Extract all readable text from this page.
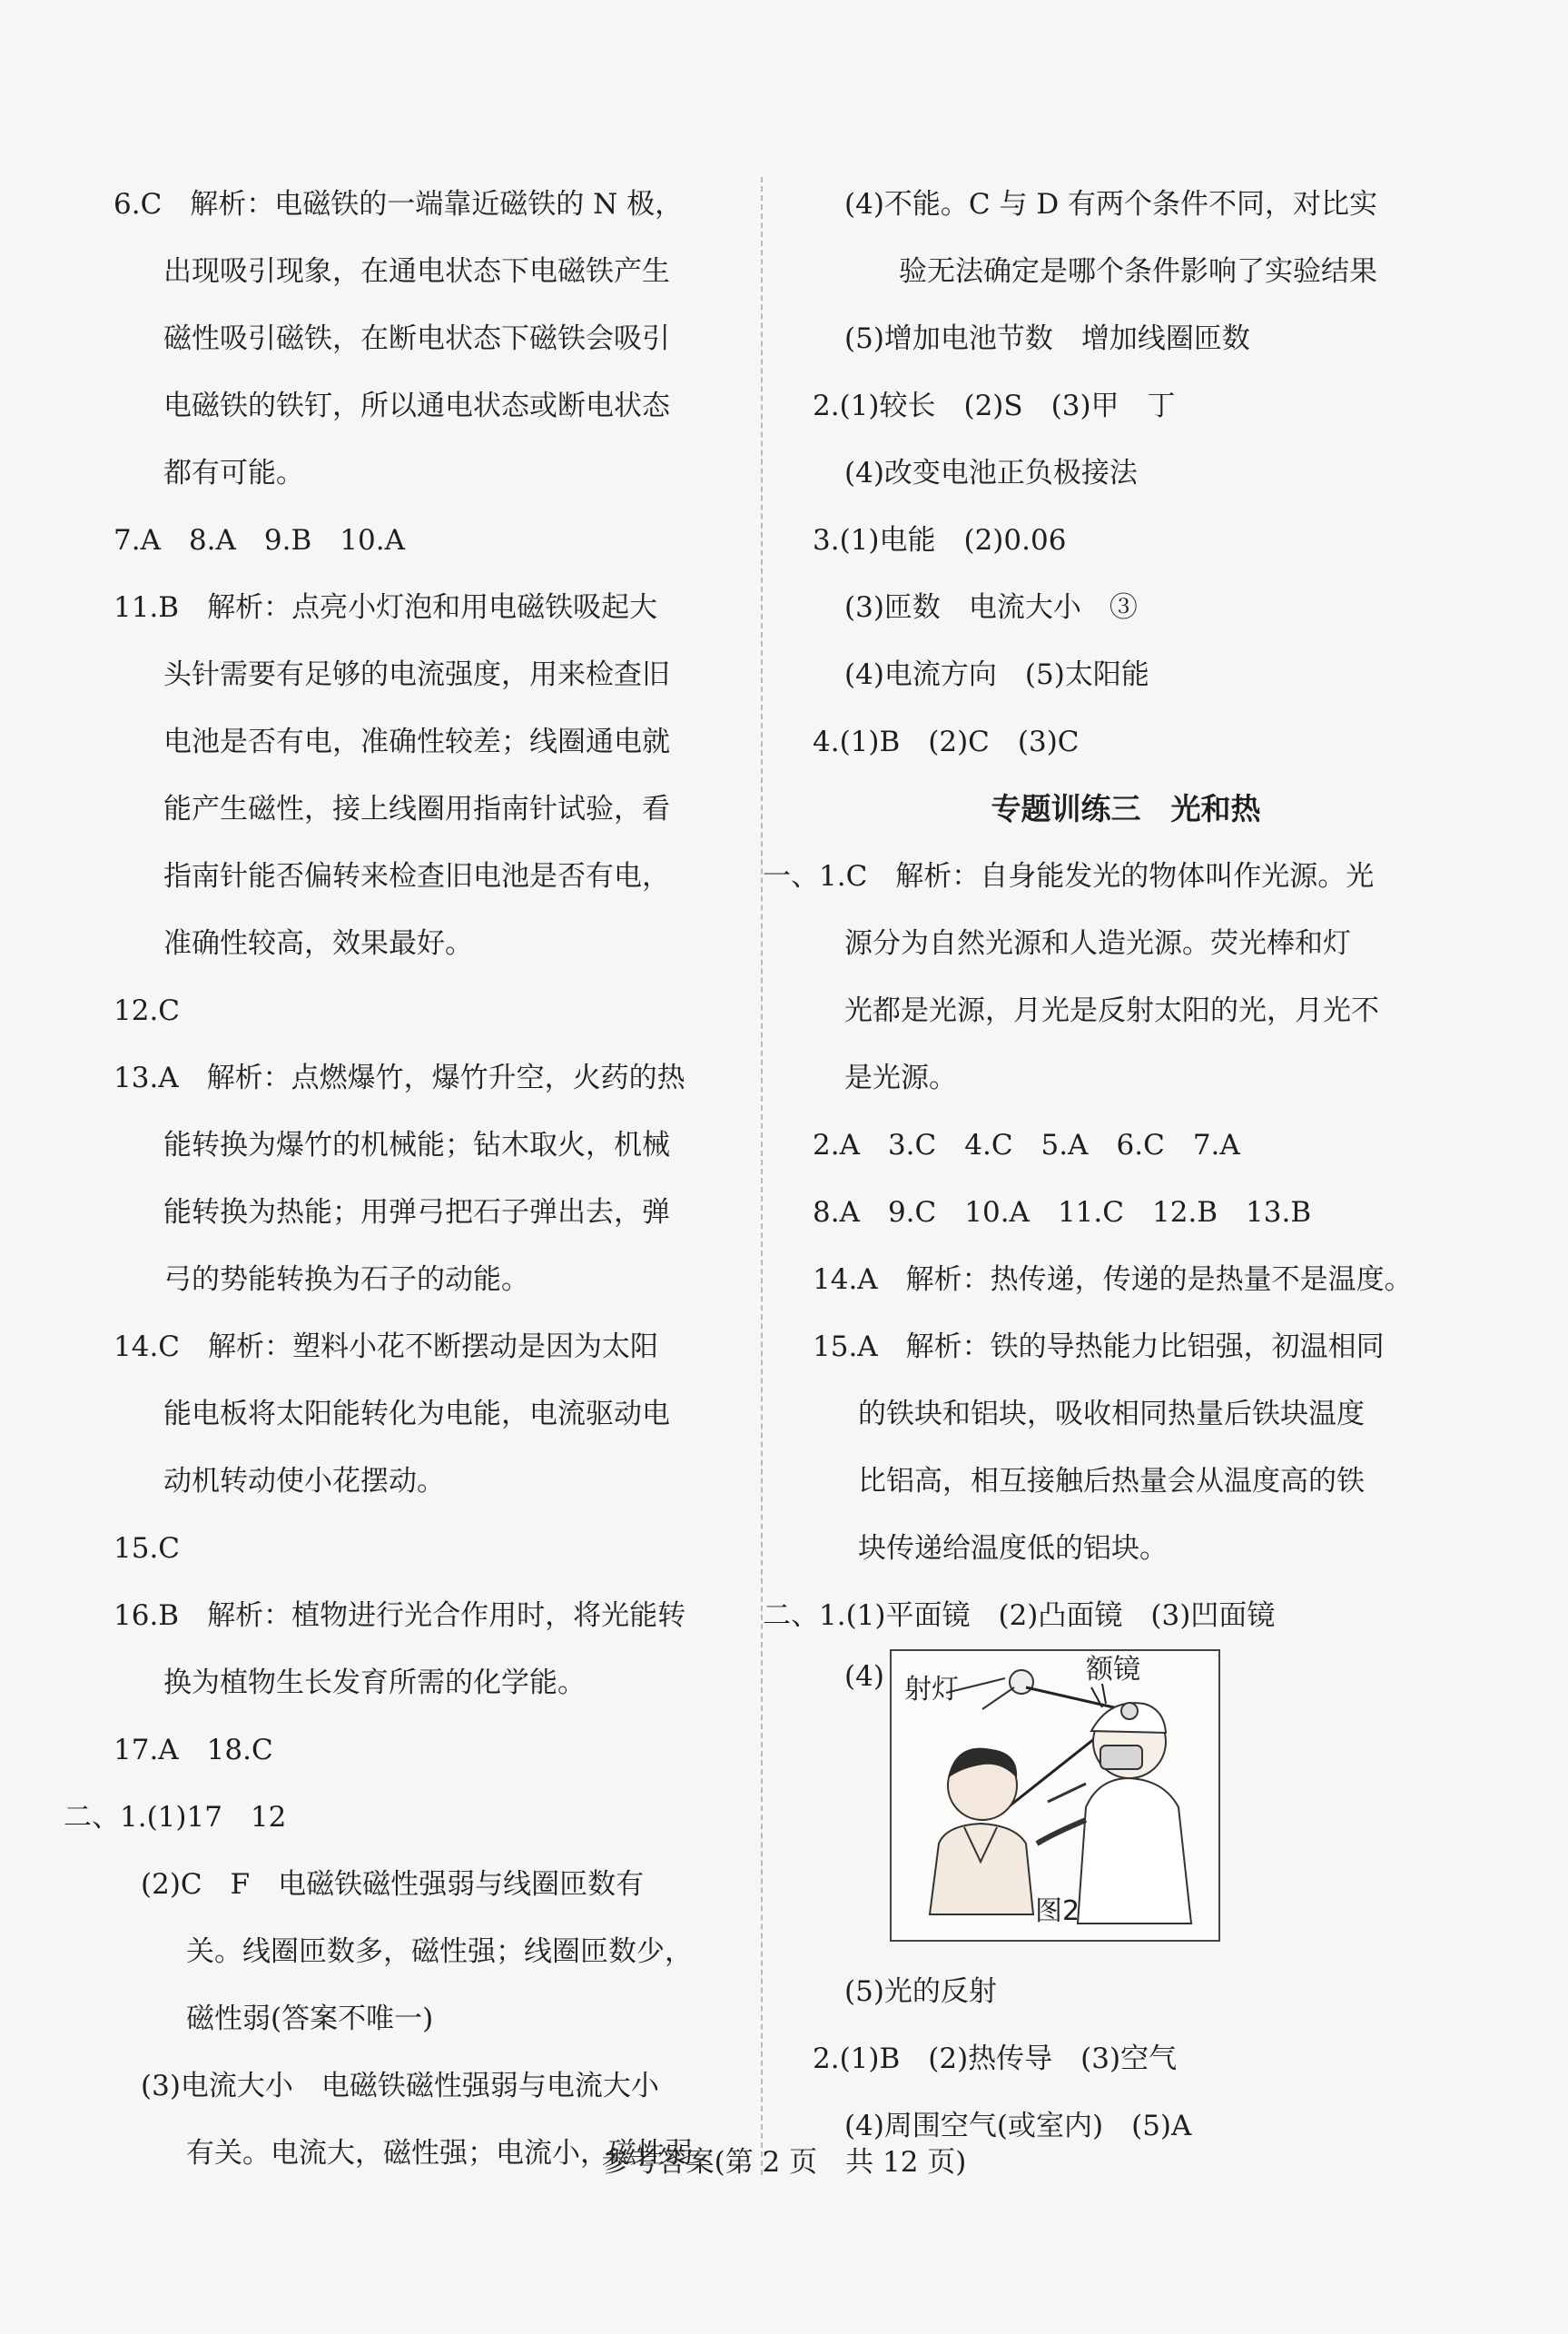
6.C　解析：电磁铁的一端靠近磁铁的 N 极，
出现吸引现象，在通电状态下电磁铁产生
磁性吸引磁铁，在断电状态下磁铁会吸引
电磁铁的铁钉，所以通电状态或断电状态
都有可能。
7.A　8.A　9.B　10.A
11.B　解析：点亮小灯泡和用电磁铁吸起大
头针需要有足够的电流强度，用来检查旧
电池是否有电，准确性较差；线圈通电就
能产生磁性，接上线圈用指南针试验，看
指南针能否偏转来检查旧电池是否有电，
准确性较高，效果最好。
12.C
13.A　解析：点燃爆竹，爆竹升空，火药的热
能转换为爆竹的机械能；钻木取火，机械
能转换为热能；用弹弓把石子弹出去，弹
弓的势能转换为石子的动能。
14.C　解析：塑料小花不断摆动是因为太阳
能电板将太阳能转化为电能，电流驱动电
动机转动使小花摆动。
15.C
16.B　解析：植物进行光合作用时，将光能转
换为植物生长发育所需的化学能。
17.A　18.C
二、1.(1)17　12
(2)C　F　电磁铁磁性强弱与线圈匝数有
关。线圈匝数多，磁性强；线圈匝数少，
磁性弱(答案不唯一)
(3)电流大小　电磁铁磁性强弱与电流大小
有关。电流大，磁性强；电流小，磁性弱
(4)不能。C 与 D 有两个条件不同，对比实
验无法确定是哪个条件影响了实验结果
(5)增加电池节数　增加线圈匝数
2.(1)较长　(2)S　(3)甲　丁
(4)改变电池正负极接法
3.(1)电能　(2)0.06
(3)匝数　电流大小　③
(4)电流方向　(5)太阳能
4.(1)B　(2)C　(3)C
专题训练三　光和热
一、1.C　解析：自身能发光的物体叫作光源。光
源分为自然光源和人造光源。荧光棒和灯
光都是光源，月光是反射太阳的光，月光不
是光源。
2.A　3.C　4.C　5.A　6.C　7.A
8.A　9.C　10.A　11.C　12.B　13.B
14.A　解析：热传递，传递的是热量不是温度。
15.A　解析：铁的导热能力比铝强，初温相同
的铁块和铝块，吸收相同热量后铁块温度
比铝高，相互接触后热量会从温度高的铁
块传递给温度低的铝块。
二、1.(1)平面镜　(2)凸面镜　(3)凹面镜
(4) 射灯
额镜
图2
(5)光的反射
2.(1)B　(2)热传导　(3)空气
(4)周围空气(或室内)　(5)A
参考答案(第 2 页　共 12 页)
